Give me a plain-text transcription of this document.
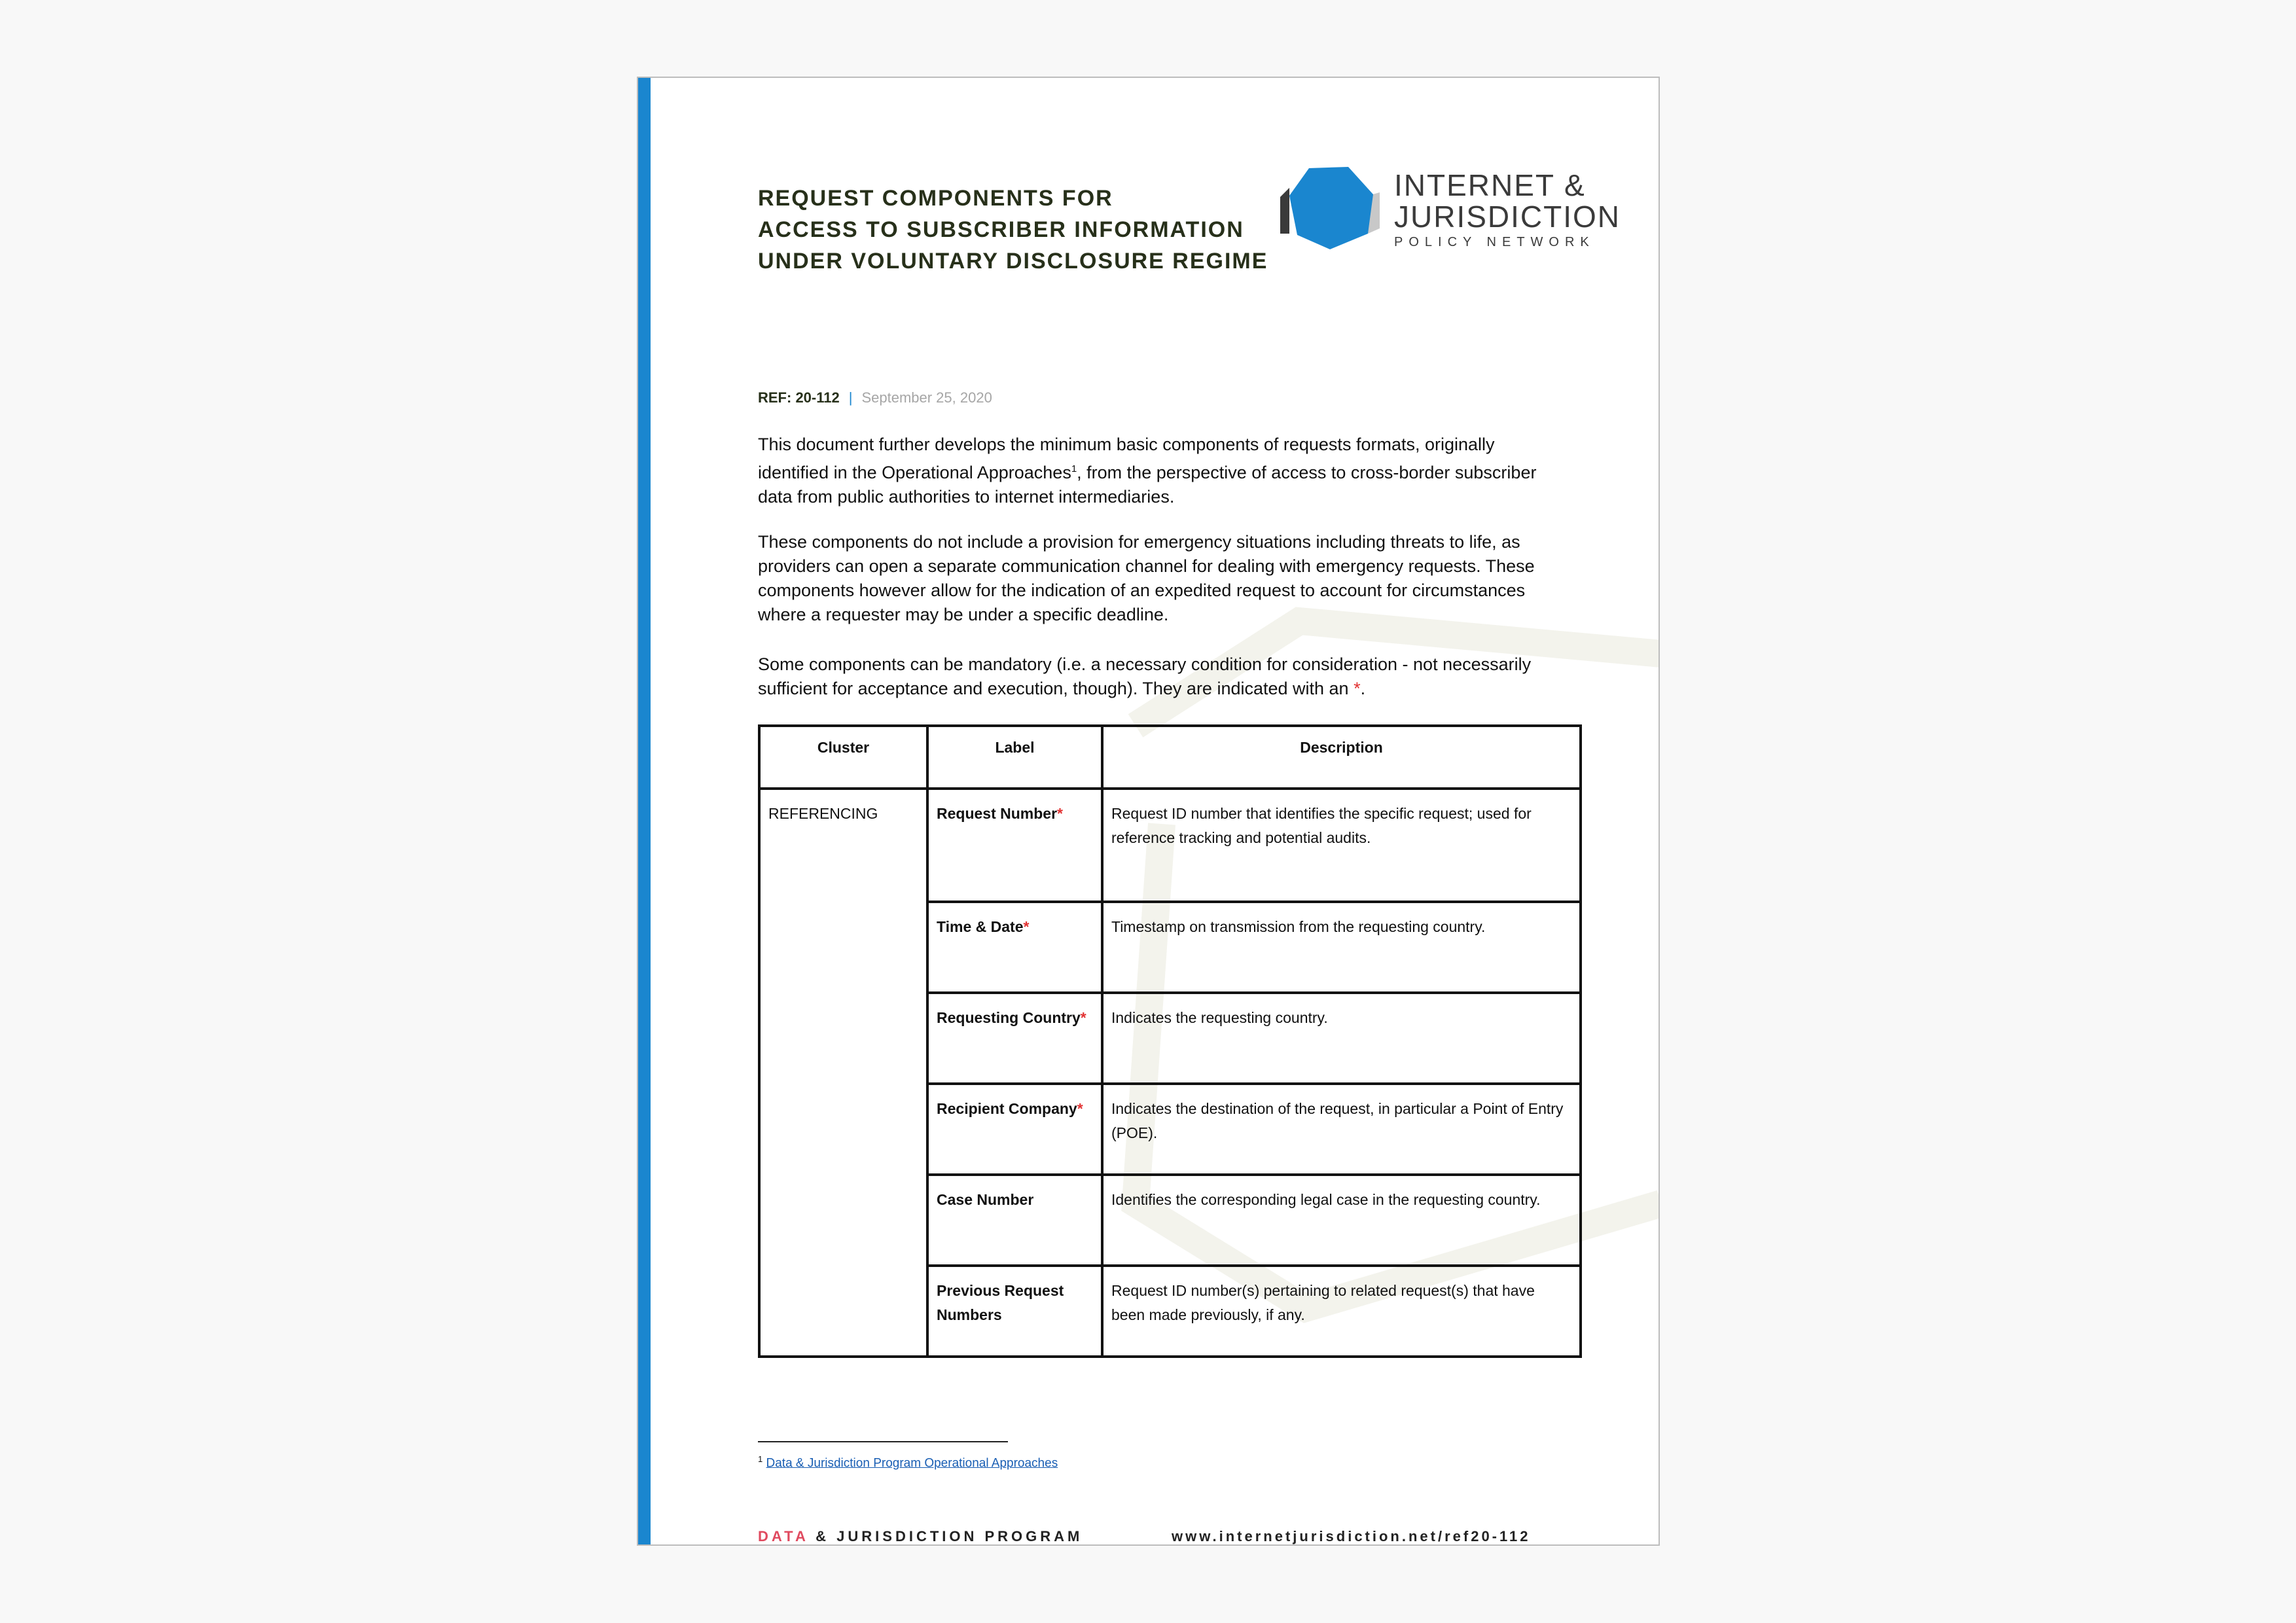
REQUEST COMPONENTS FOR
ACCESS TO SUBSCRIBER INFORMATION
UNDER VOLUNTARY DISCLOSURE REGIME
INTERNET &
JURISDICTION
POLICY NETWORK
REF: 20-112 | September 25, 2020

This document further develops the minimum basic components of requests formats, originally identified in the Operational Approaches$^1$, from the perspective of access to cross-border subscriber data from public authorities to internet intermediaries.

These components do not include a provision for emergency situations including threats to life, as providers can open a separate communication channel for dealing with emergency requests. These components however allow for the indication of an expedited request to account for circumstances where a requester may be under a specific deadline.

Some components can be mandatory (i.e. a necessary condition for consideration - not necessarily sufficient for acceptance and execution, though). They are indicated with an *.

Cluster	Label	Description
REFERENCING	Request Number*	Request ID number that identifies the specific request; used for reference tracking and potential audits.
	Time & Date*	Timestamp on transmission from the requesting country.
	Requesting Country*	Indicates the requesting country.
	Recipient Company*	Indicates the destination of the request, in particular a Point of Entry (POE).
	Case Number	Identifies the corresponding legal case in the requesting country.
	Previous Request Numbers	Request ID number(s) pertaining to related request(s) that have been made previously, if any.
$^1$ Data & Jurisdiction Program Operational Approaches
DATA & JURISDICTION PROGRAM	www.internetjurisdiction.net/ref20-112
